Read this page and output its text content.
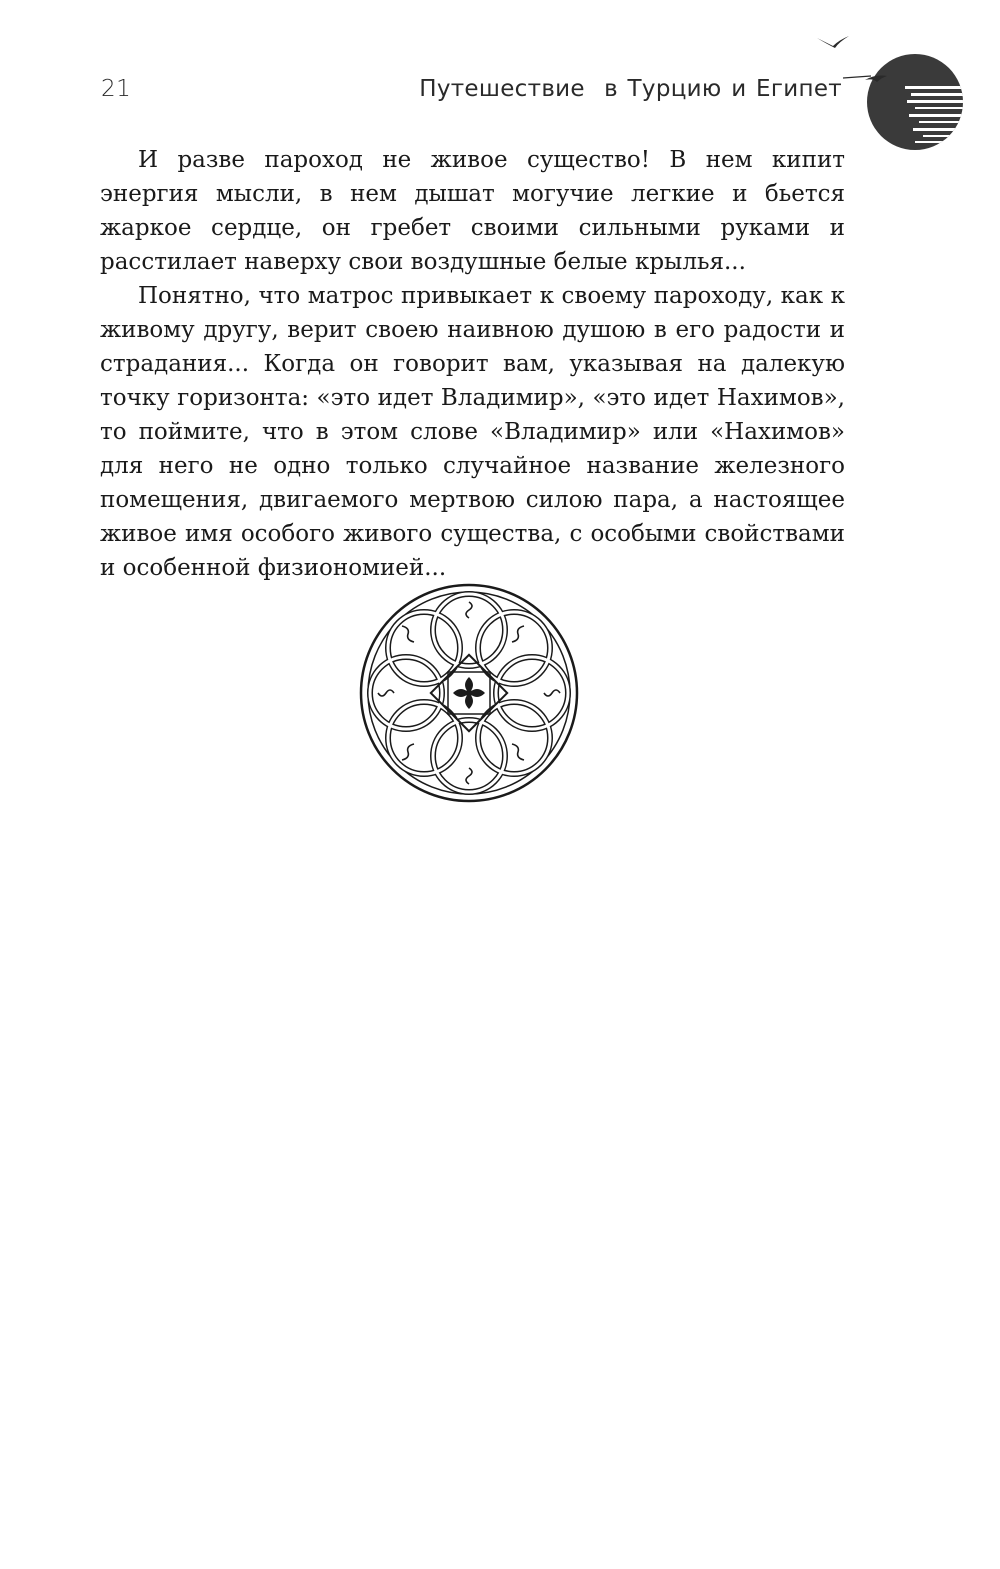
21	Путешествие  в Турцию и Египет

И разве пароход не живое существо! В нем кипит энергия мысли, в нем дышат могучие легкие и бьется жаркое сердце, он гребет своими сильными руками и расстилает наверху свои воздушные белые крылья...

Понятно, что матрос привыкает к своему пароходу, как к живому другу, верит своею наивною душою в его радости и страдания... Когда он говорит вам, указывая на далекую точку горизонта: «это идет Владимир», «это идет Нахимов», то поймите, что в этом слове «Владимир» или «Нахимов» для него не одно только случайное название железного помещения, двигаемого мертвою силою пара, а настоящее живое имя особого живого существа, с особыми свойствами и особенной физиономией...
